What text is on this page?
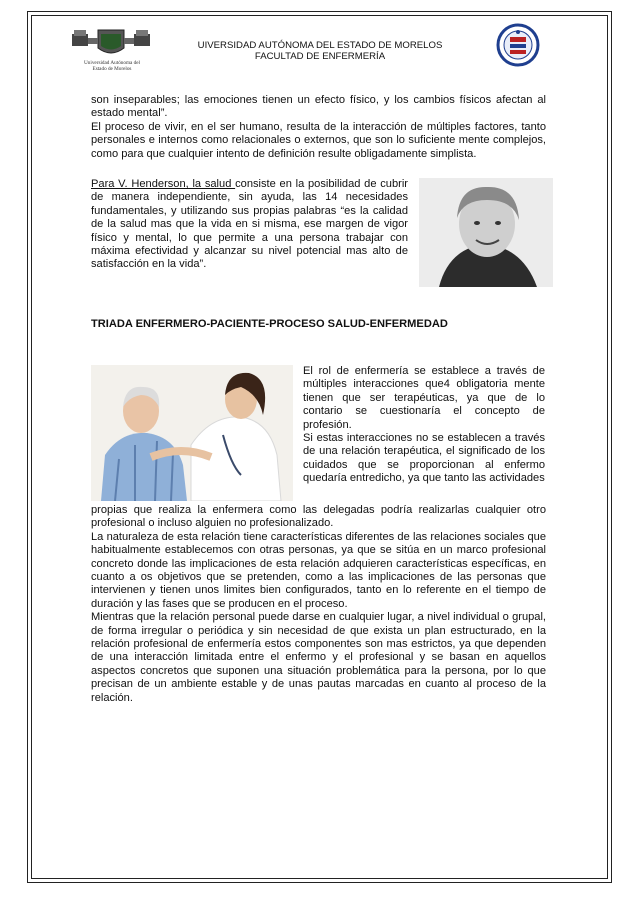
Universidad Autónoma del
Estado de Morelos
UIVERSIDAD AUTÓNOMA DEL ESTADO DE MORELOS
FACULTAD DE ENFERMERÍA

son inseparables; las emociones tienen un efecto físico, y los cambios físicos afectan al estado mental”.

El proceso de vivir, en el ser humano, resulta de la interacción de múltiples factores, tanto personales e internos como relacionales o externos, que son lo suficiente mente complejos, como para que cualquier intento de definición resulte obligadamente simplista.

Para V. Henderson, la salud consiste en la posibilidad de cubrir de manera independiente, sin ayuda, las 14 necesidades fundamentales, y utilizando sus propias palabras “es la calidad de la salud mas que la vida en si misma, ese margen de vigor físico y mental, lo que permite a una persona trabajar con máxima efectividad y alcanzar su nivel potencial mas alto de satisfacción en la vida”.

TRIADA ENFERMERO-PACIENTE-PROCESO SALUD-ENFERMEDAD

El rol de enfermería se establece a través de múltiples interacciones que4 obligatoria mente tienen que ser terapéuticas, ya que de lo contario se cuestionaría el concepto de profesión.

Si estas interacciones no se establecen a través de una relación terapéutica, el significado de los cuidados que se proporcionan al enfermo quedaría entredicho, ya que tanto las actividades

propias que realiza la enfermera como las delegadas podría realizarlas cualquier otro profesional o incluso alguien no profesionalizado.

La naturaleza de esta relación tiene características diferentes de las relaciones sociales que habitualmente establecemos con otras personas, ya que se sitúa en un marco profesional concreto donde las implicaciones de esta relación adquieren características específicas, en cuanto a os objetivos que se pretenden, como a las implicaciones de las personas que intervienen y tienen unos limites bien configurados, tanto en lo referente en el tiempo de duración y las fases que se producen en el proceso.

Mientras que la relación personal puede darse en cualquier lugar, a nivel individual o grupal, de forma irregular o periódica y sin necesidad de que exista un plan estructurado, en la relación profesional de enfermería estos componentes son mas estrictos, ya que dependen de una interacción limitada entre el enfermo y el profesional y se basan en aquellos aspectos concretos que suponen una situación problemática para la persona, por lo que precisan de un ambiente estable y de unas pautas marcadas en cuanto al proceso de la relación.
